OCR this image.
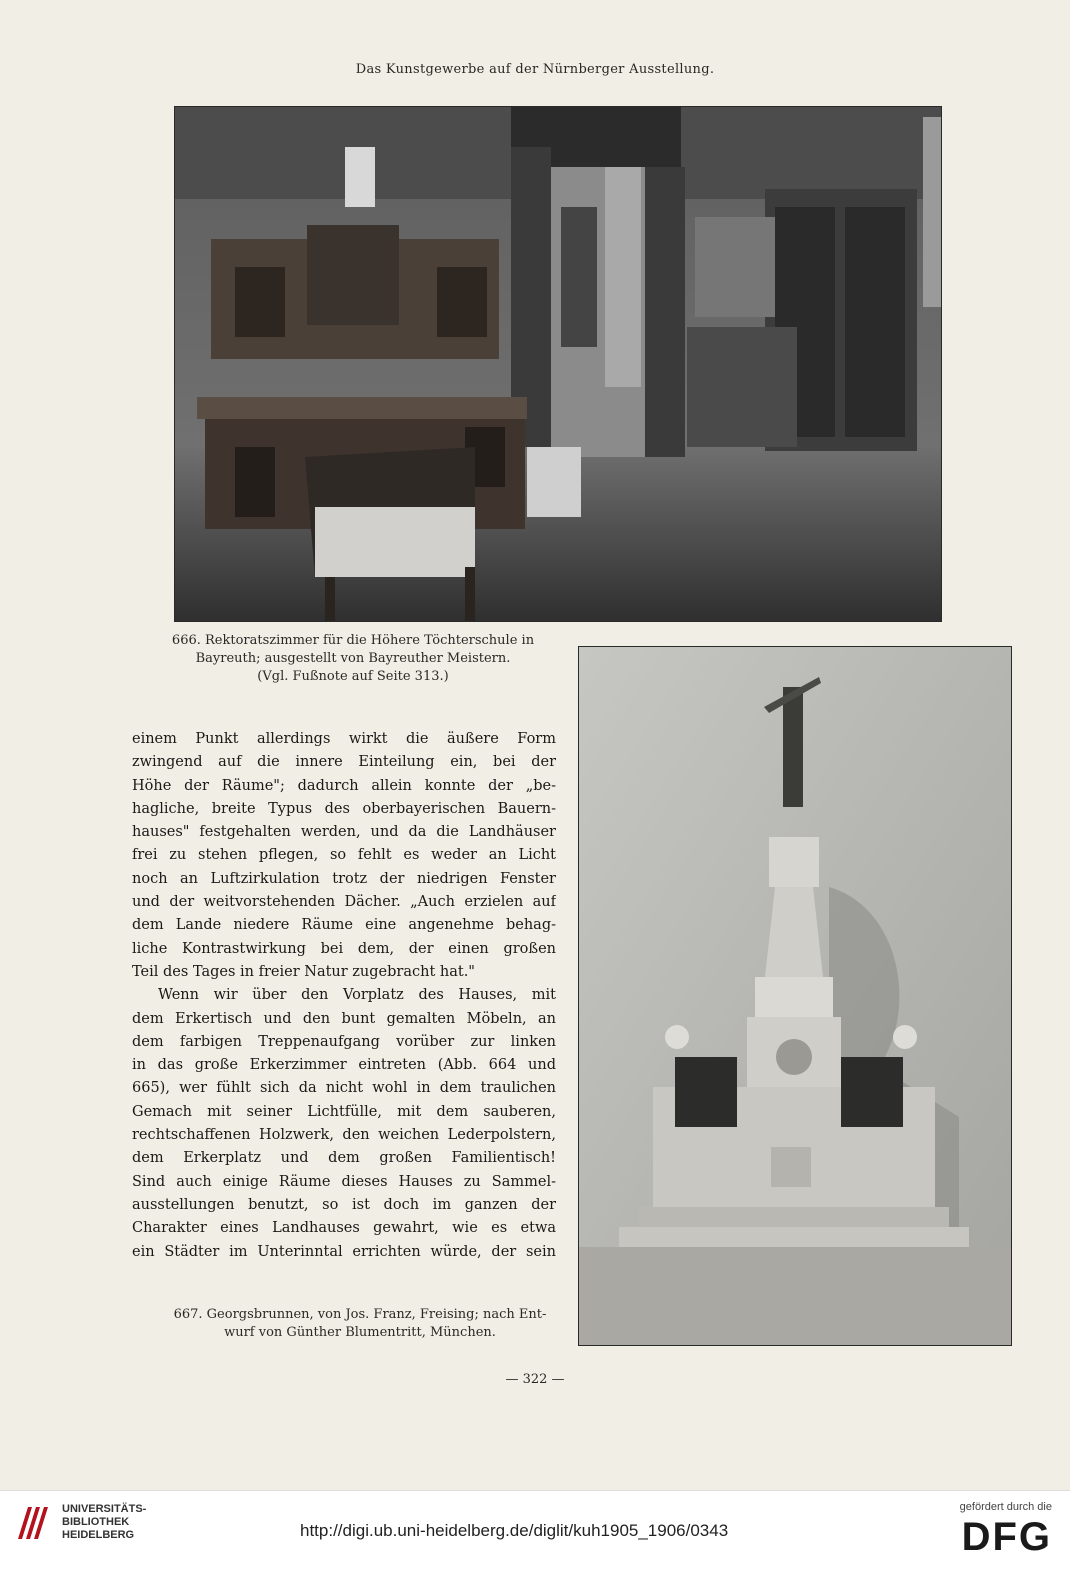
Das Kunstgewerbe auf der Nürnberger Ausstellung.
666. Rektoratszimmer für die Höhere Töchterschule in
Bayreuth; ausgestellt von Bayreuther Meistern.
(Vgl. Fußnote auf Seite 313.)
einem Punkt allerdings wirkt die äußere Form
zwingend auf die innere Einteilung ein, bei der
Höhe der Räume"; dadurch allein konnte der „be-
hagliche, breite Typus des oberbayerischen Bauern-
hauses" festgehalten werden, und da die Landhäuser
frei zu stehen pflegen, so fehlt es weder an Licht
noch an Luftzirkulation trotz der niedrigen Fenster
und der weitvorstehenden Dächer. „Auch erzielen auf
dem Lande niedere Räume eine angenehme behag-
liche Kontrastwirkung bei dem, der einen großen
Teil des Tages in freier Natur zugebracht hat."
Wenn wir über den Vorplatz des Hauses, mit
dem Erkertisch und den bunt gemalten Möbeln, an
dem farbigen Treppenaufgang vorüber zur linken
in das große Erkerzimmer eintreten (Abb. 664 und
665), wer fühlt sich da nicht wohl in dem traulichen
Gemach mit seiner Lichtfülle, mit dem sauberen,
rechtschaffenen Holzwerk, den weichen Lederpolstern,
dem Erkerplatz und dem großen Familientisch!
Sind auch einige Räume dieses Hauses zu Sammel-
ausstellungen benutzt, so ist doch im ganzen der
Charakter eines Landhauses gewahrt, wie es etwa
ein Städter im Unterinntal errichten würde, der sein
667. Georgsbrunnen, von Jos. Franz, Freising; nach Ent-
wurf von Günther Blumentritt, München.
— 322 —
UNIVERSITÄTS-
BIBLIOTHEK
HEIDELBERG	http://digi.ub.uni-heidelberg.de/diglit/kuh1905_1906/0343
gefördert durch die
DFG
